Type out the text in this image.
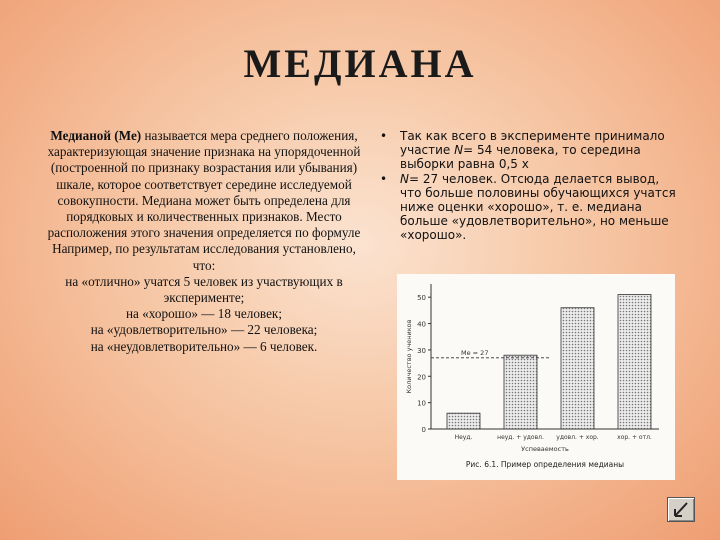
МЕДИАНА

Медианой (Ме) называется мера среднего положения, характеризующая значение признака на упорядоченной (построенной по признаку возрастания или убывания) шкале, которое соответствует середине исследуемой совокупности. Медиана может быть определена для порядковых и количественных признаков. Место расположения этого значения определяется по формуле

Например, по результатам исследования установлено, что:

на «отлично» учатся 5 человек из участвующих в эксперименте;

на «хорошо» — 18 человек;

на «удовлетворительно» — 22 человека;

на «неудовлетворительно» — 6 человек.

• Так как всего в эксперименте принимало участие N= 54 человека, то середина выборки равна 0,5 х
• N= 27 человек. Отсюда делается вывод, что больше половины обучающихся учатся ниже оценки «хорошо», т. е. медиана больше «удовлетворительно», но меньше «хорошо».
0
10
20
30
40
50
Количество учеников
Неуд.	неуд. + удовл. удовл. + хор.	хор. + отл.
Me = 27
Успеваемость
Рис. 6.1. Пример определения медианы
